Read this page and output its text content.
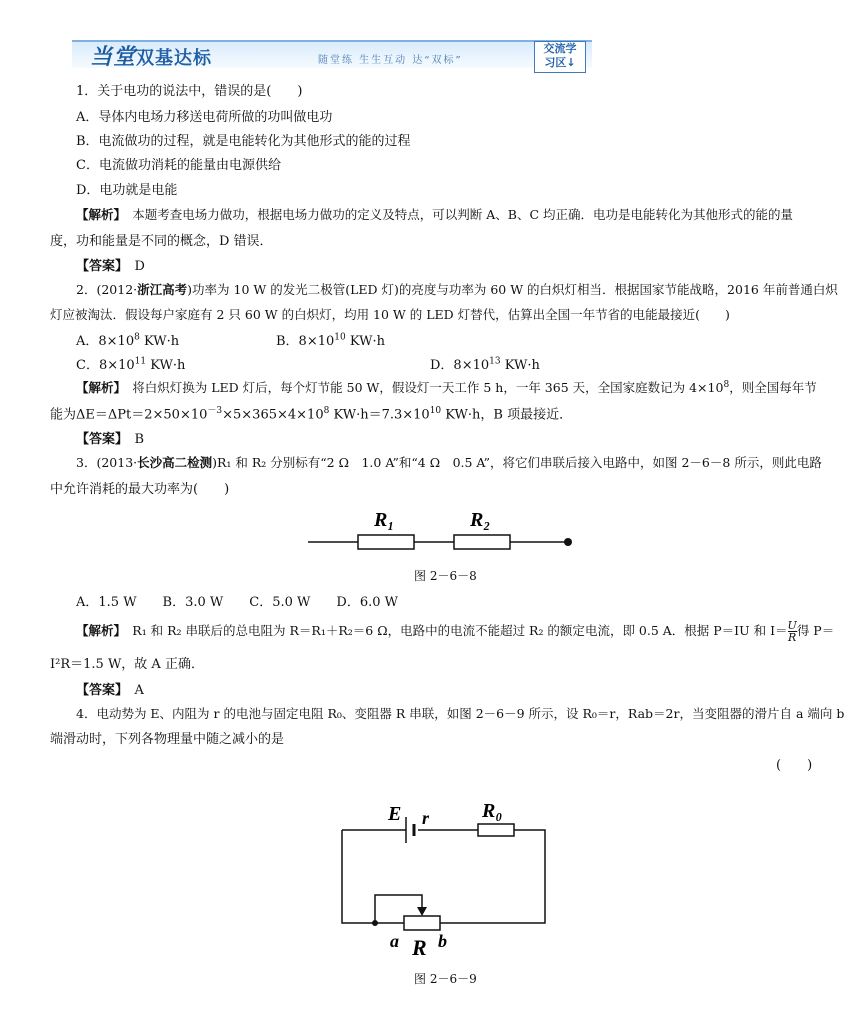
当堂双基达标	随堂练 生生互动 达“双标”
交流学
习区↓
1．关于电功的说法中，错误的是(　　)
A．导体内电场力移送电荷所做的功叫做电功
B．电流做功的过程，就是电能转化为其他形式的能的过程
C．电流做功消耗的能量由电源供给
D．电功就是电能
【解析】　 本题考查电场力做功，根据电场力做功的定义及特点，可以判断 A、B、C 均正确．电功是电能转化为其他形式的能的量
度，功和能量是不同的概念，D 错误．
【答案】　 D
2．(2012·浙江高考)功率为 10 W 的发光二极管(LED 灯)的亮度与功率为 60 W 的白炽灯相当．根据国家节能战略，2016 年前普通白炽
灯应被淘汰．假设每户家庭有 2 只 60 W 的白炽灯，均用 10 W 的 LED 灯替代，估算出全国一年节省的电能最接近(　　)
A．$8\times 10^8$ KW·h	B．$8\times 10^{10}$ KW·h
C．$8\times 10^{11}$ KW·h	D．$8\times 10^{13}$ KW·h
【解析】　 将白炽灯换为 LED 灯后，每个灯节能 50 W，假设灯一天工作 5 h，一年 365 天，全国家庭数记为 $4\times 10^8$，则全国每年节
能为$\Delta E=\Delta Pt=2\times 50\times 10^{-3}\times 5\times 365\times 4\times 10^8$ $KW\cdot h=7.3\times 10^{10}$ KW·h，B 项最接近．
【答案】　 B
3．(2013·长沙高二检测)R₁ 和 R₂ 分别标有“2 Ω　1.0 A”和“4 Ω　0.5 A”，将它们串联后接入电路中，如图 2－6－8 所示，则此电路
中允许消耗的最大功率为(　　)
R₁	R₂
图 2－6－8
A．1.5 W　　B．3.0 W　　C．5.0 W　　D．6.0 W
【解析】　 R₁ 和 R₂ 串联后的总电阻为 R＝R₁＋R₂＝6 Ω，电路中的电流不能超过 R₂ 的额定电流，即 0.5 A．根据 P＝IU 和 $I= \frac{U}{R}$ 得 P＝
I²R＝1.5 W，故 A 正确．
【答案】　 A
4．电动势为 E、内阻为 r 的电池与固定电阻 R₀、变阻器 R 串联，如图 2－6－9 所示，设 R₀＝r，Rab＝2r，当变阻器的滑片自 a 端向 b
端滑动时，下列各物理量中随之减小的是
(　　)
E r	R₀
a R b
图 2－6－9
